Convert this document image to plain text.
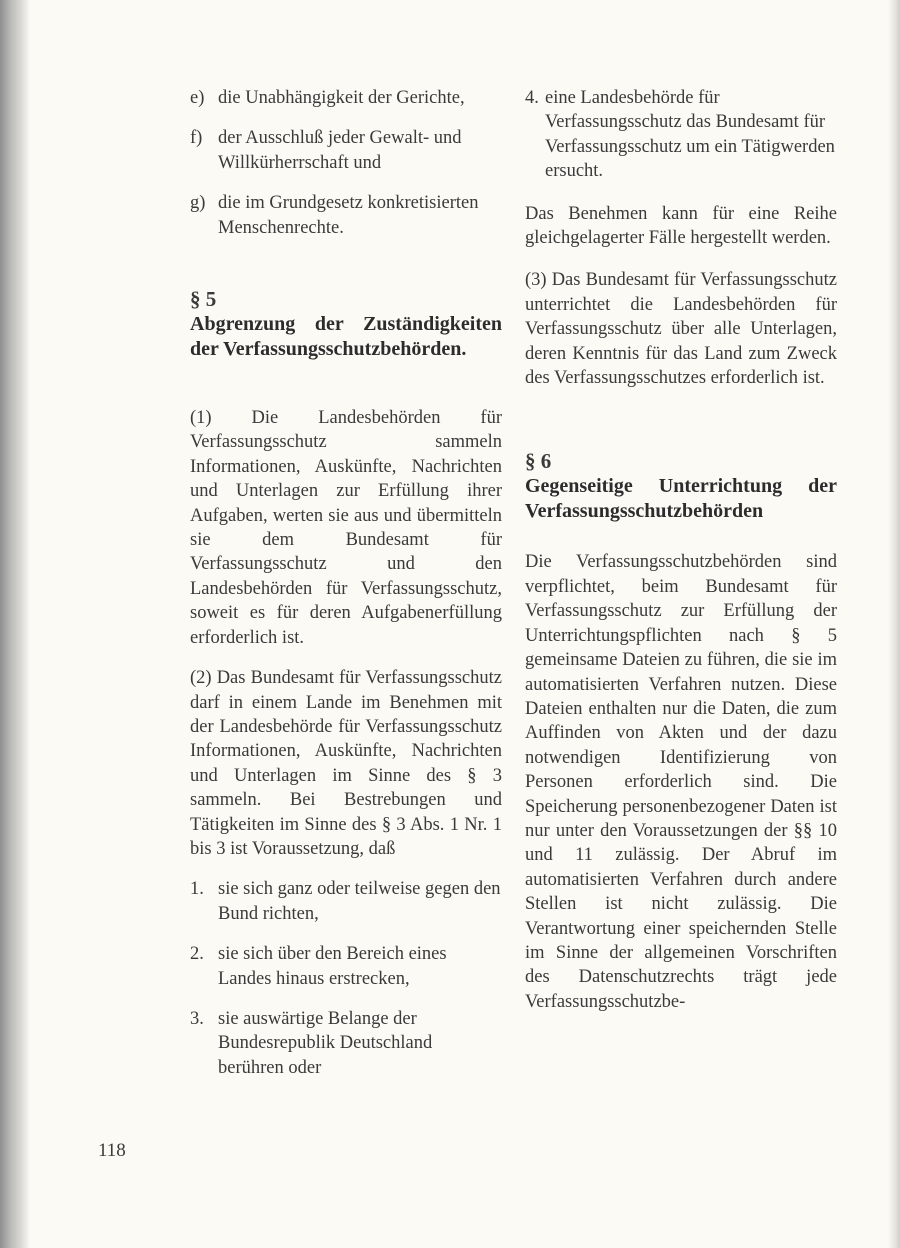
e) die Unabhängigkeit der Gerichte,
f) der Ausschluß jeder Gewalt- und Willkürherrschaft und
g) die im Grundgesetz konkretisierten Menschenrechte.

§ 5

Abgrenzung der Zuständigkeiten der Verfassungsschutzbehörden.

(1) Die Landesbehörden für Verfassungsschutz sammeln Informationen, Auskünfte, Nachrichten und Unterlagen zur Erfüllung ihrer Aufgaben, werten sie aus und übermitteln sie dem Bundesamt für Verfassungsschutz und den Landesbehörden für Verfassungsschutz, soweit es für deren Aufgabenerfüllung erforderlich ist.

(2) Das Bundesamt für Verfassungsschutz darf in einem Lande im Benehmen mit der Landesbehörde für Verfassungsschutz Informationen, Auskünfte, Nachrichten und Unterlagen im Sinne des § 3 sammeln. Bei Bestrebungen und Tätigkeiten im Sinne des § 3 Abs. 1 Nr. 1 bis 3 ist Voraussetzung, daß

1. sie sich ganz oder teilweise gegen den Bund richten,
2. sie sich über den Bereich eines Landes hinaus erstrecken,
3. sie auswärtige Belange der Bundesrepublik Deutschland berühren oder
4. eine Landesbehörde für Verfassungsschutz das Bundesamt für Verfassungsschutz um ein Tätigwerden ersucht.

Das Benehmen kann für eine Reihe gleichgelagerter Fälle hergestellt werden.

(3) Das Bundesamt für Verfassungsschutz unterrichtet die Landesbehörden für Verfassungsschutz über alle Unterlagen, deren Kenntnis für das Land zum Zweck des Verfassungsschutzes erforderlich ist.

§ 6

Gegenseitige Unterrichtung der Verfassungsschutzbehörden

Die Verfassungsschutzbehörden sind verpflichtet, beim Bundesamt für Verfassungsschutz zur Erfüllung der Unterrichtungspflichten nach § 5 gemeinsame Dateien zu führen, die sie im automatisierten Verfahren nutzen. Diese Dateien enthalten nur die Daten, die zum Auffinden von Akten und der dazu notwendigen Identifizierung von Personen erforderlich sind. Die Speicherung personenbezogener Daten ist nur unter den Voraussetzungen der §§ 10 und 11 zulässig. Der Abruf im automatisierten Verfahren durch andere Stellen ist nicht zulässig. Die Verantwortung einer speichernden Stelle im Sinne der allgemeinen Vorschriften des Datenschutzrechts trägt jede Verfassungsschutzbe-

118
